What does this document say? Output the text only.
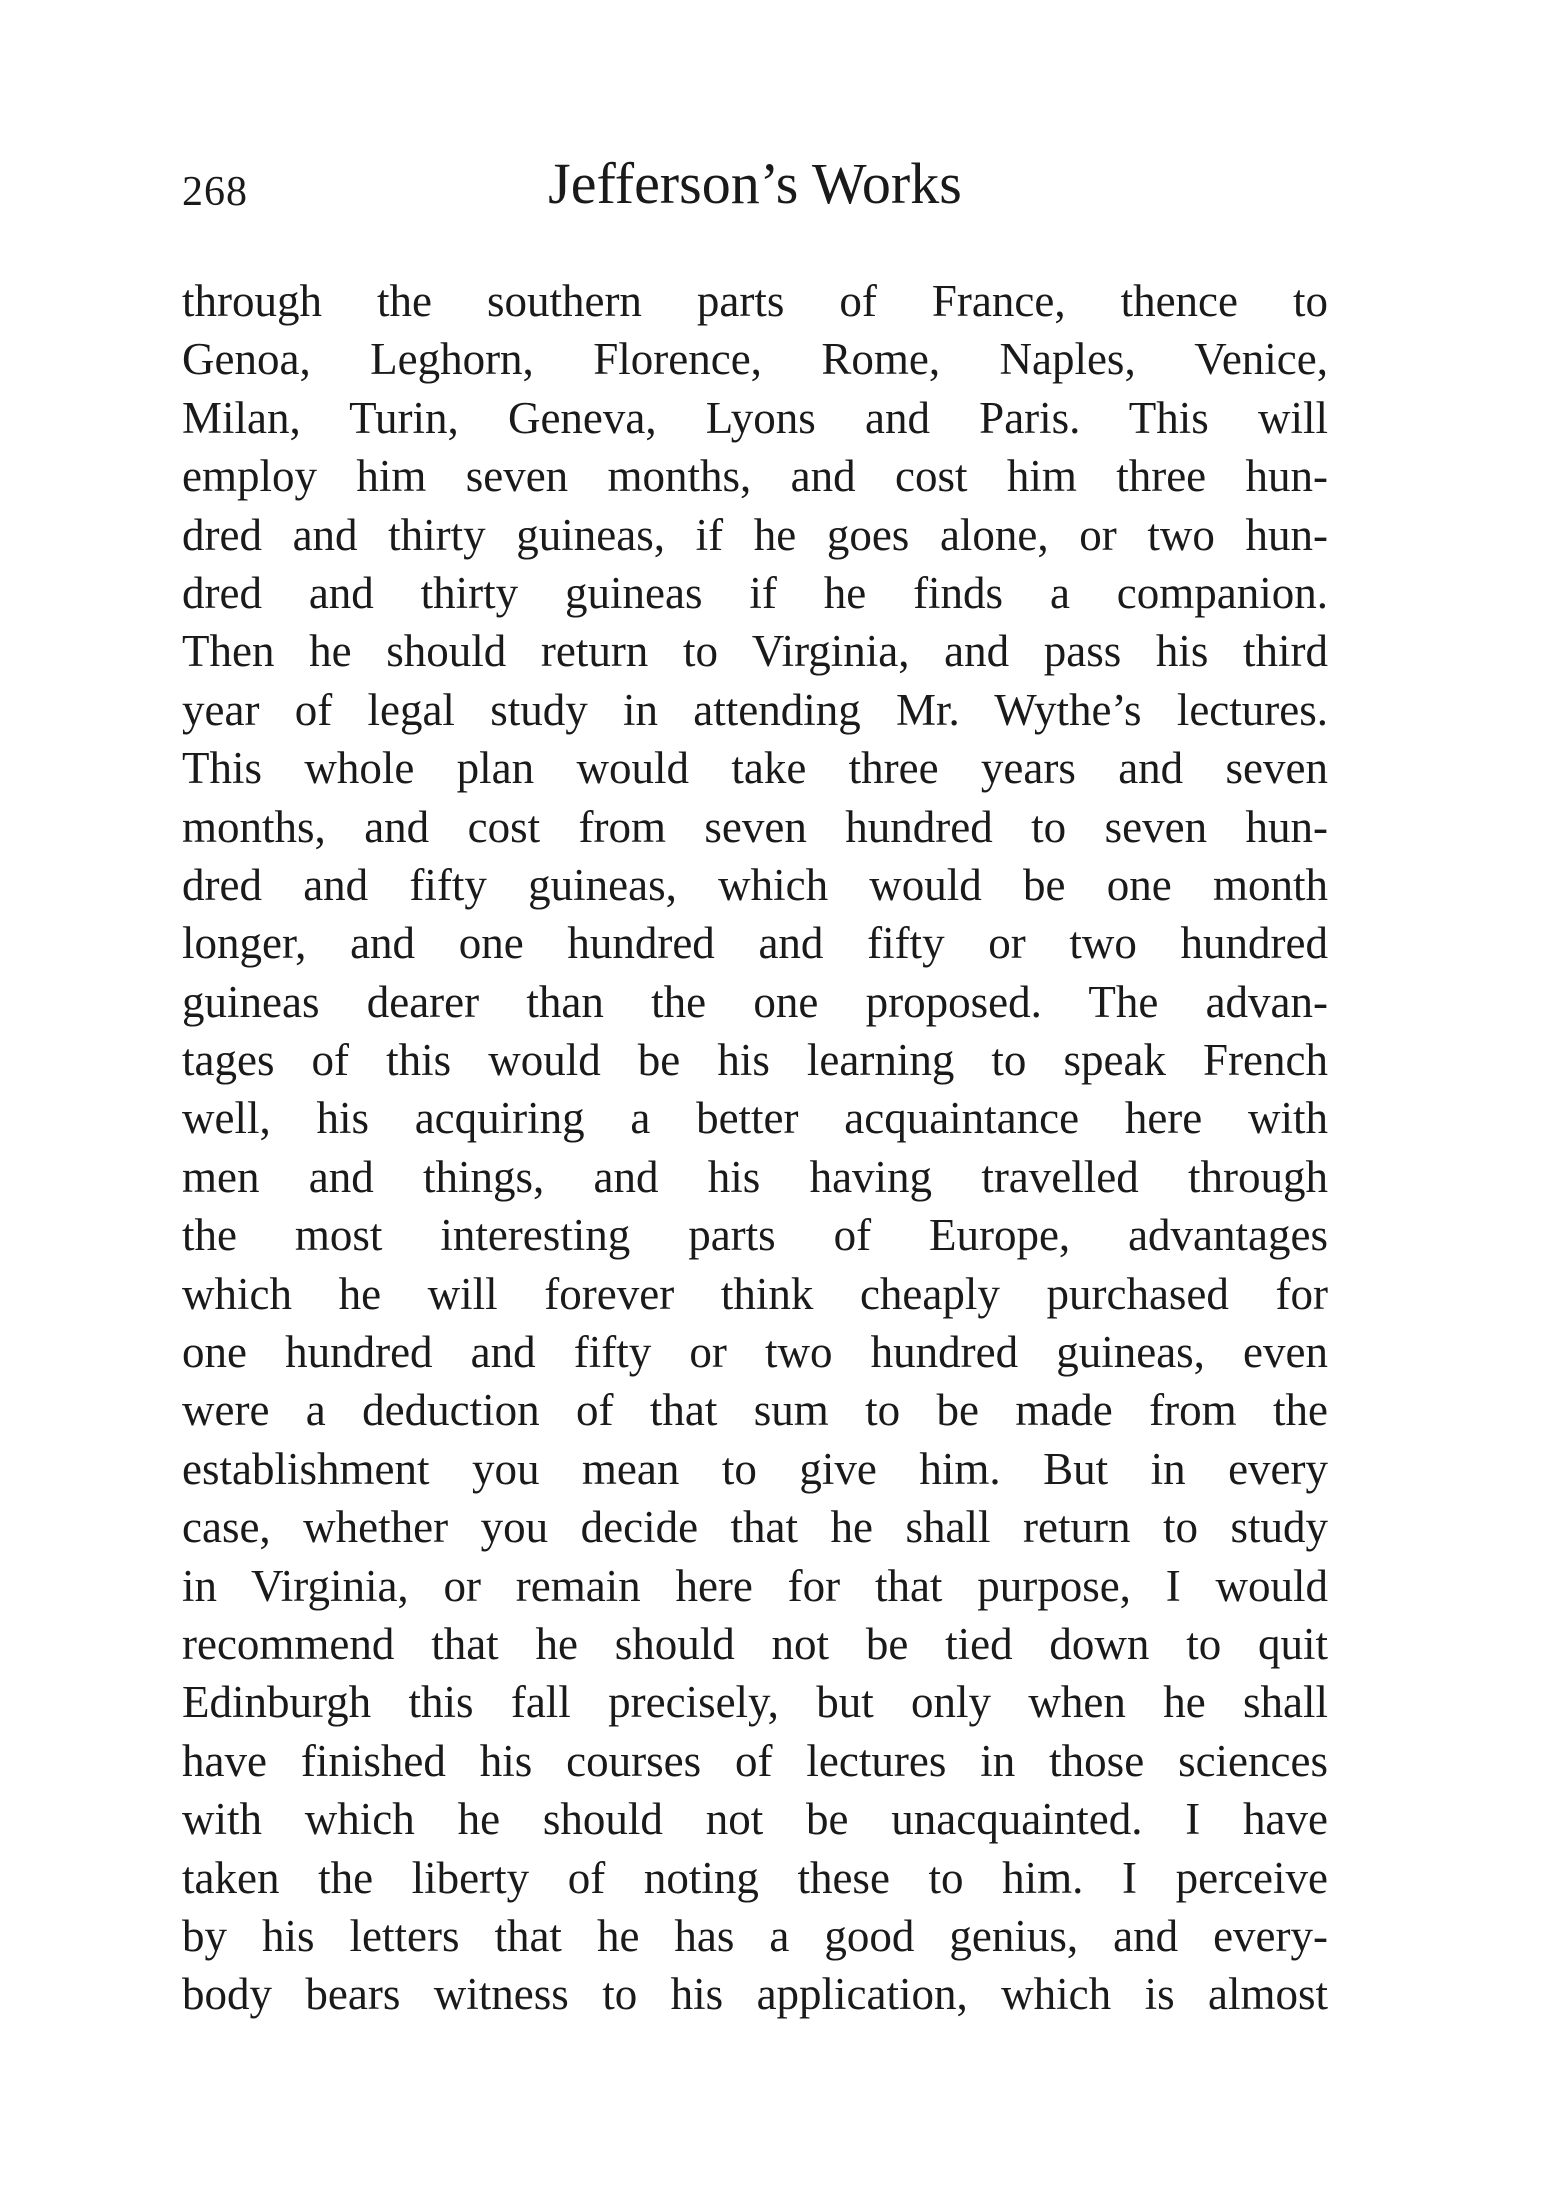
268	Jefferson’s Works
through the southern parts of France, thence to
Genoa, Leghorn, Florence, Rome, Naples, Venice,
Milan, Turin, Geneva, Lyons and Paris. This will
employ him seven months, and cost him three hun-
dred and thirty guineas, if he goes alone, or two hun-
dred and thirty guineas if he finds a companion.
Then he should return to Virginia, and pass his third
year of legal study in attending Mr. Wythe’s lectures.
This whole plan would take three years and seven
months, and cost from seven hundred to seven hun-
dred and fifty guineas, which would be one month
longer, and one hundred and fifty or two hundred
guineas dearer than the one proposed. The advan-
tages of this would be his learning to speak French
well, his acquiring a better acquaintance here with
men and things, and his having travelled through
the most interesting parts of Europe, advantages
which he will forever think cheaply purchased for
one hundred and fifty or two hundred guineas, even
were a deduction of that sum to be made from the
establishment you mean to give him. But in every
case, whether you decide that he shall return to study
in Virginia, or remain here for that purpose, I would
recommend that he should not be tied down to quit
Edinburgh this fall precisely, but only when he shall
have finished his courses of lectures in those sciences
with which he should not be unacquainted. I have
taken the liberty of noting these to him. I perceive
by his letters that he has a good genius, and every-
body bears witness to his application, which is almost
